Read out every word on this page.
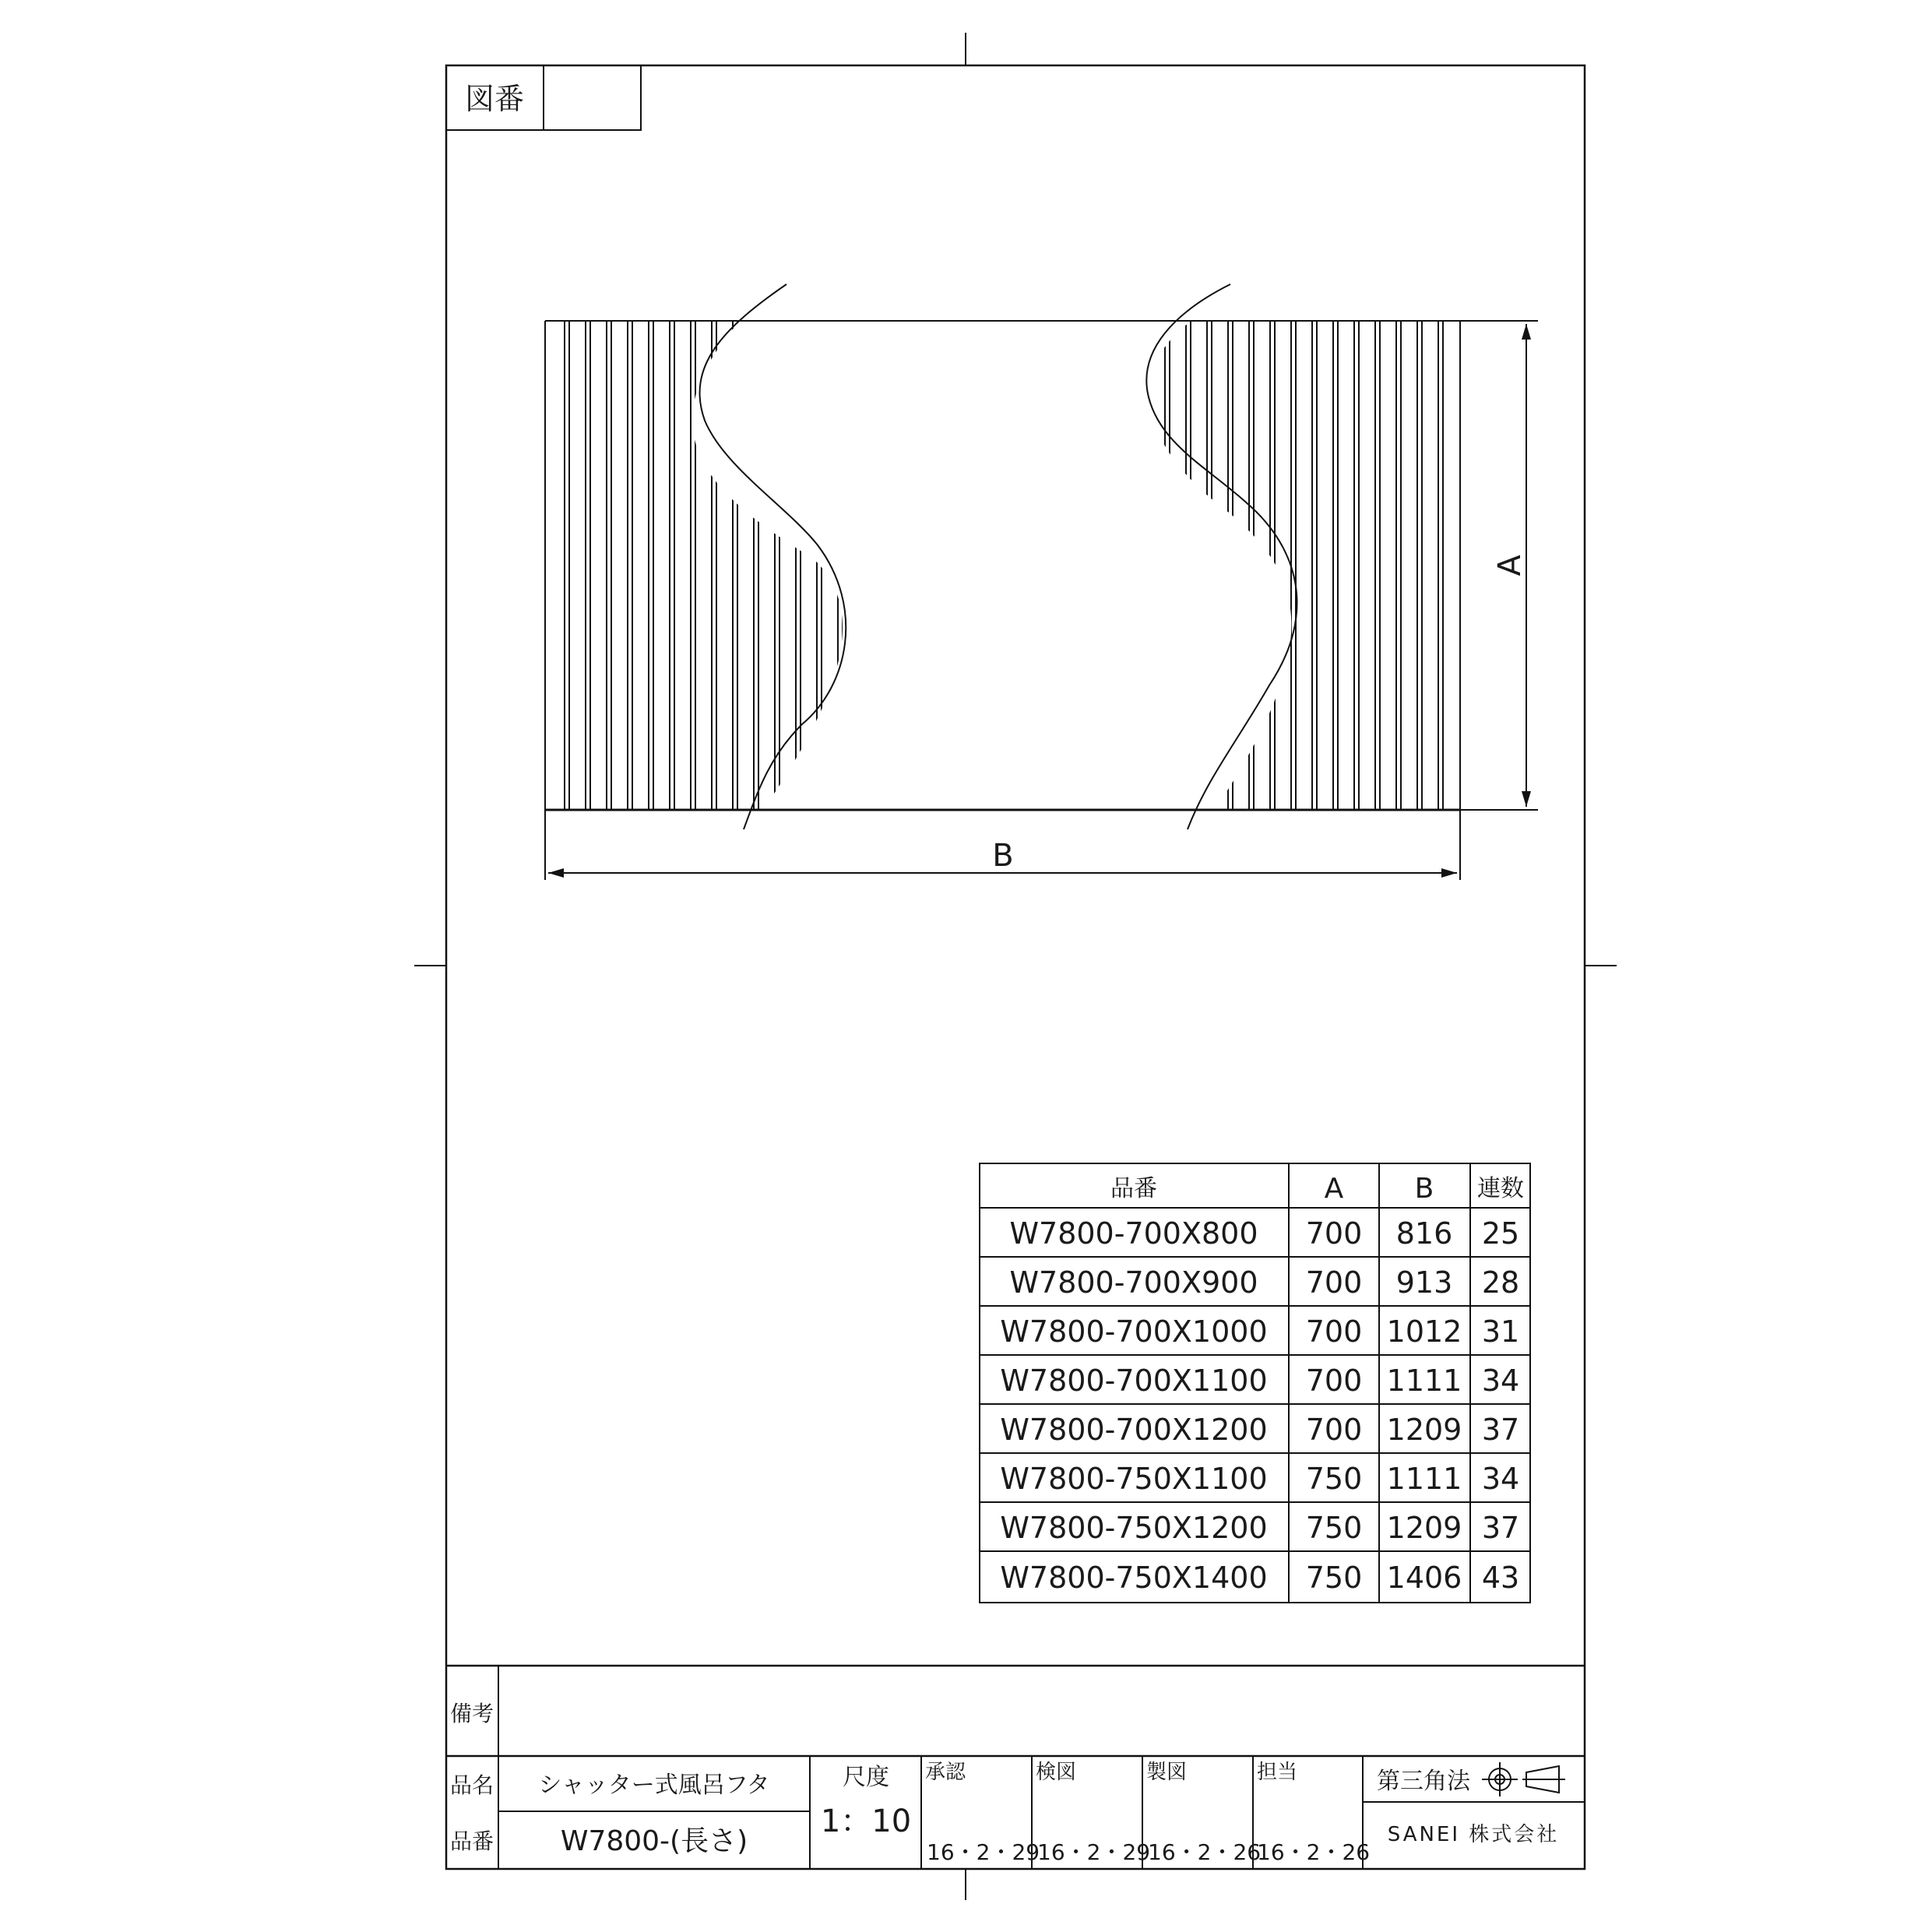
図番
A
B
品番	A	B 連数
W7800-700X800 700 816 25
W7800-700X900 700 913 28
W7800-700X1000 700 1012 31
W7800-700X1100 700 1111 34
W7800-700X1200 700 1209 37
W7800-750X1100 750 1111 34
W7800-750X1200 750 1209 37
W7800-750X1400 750 1406 43
備考
品名 シャッター式風呂フタ
品番 W7800-(長さ)
尺度
1：10
承認
16・2・29
検図
16・2・29
製図
16・2・26
担当
16・2・26
第三角法
SANEI 株式会社
